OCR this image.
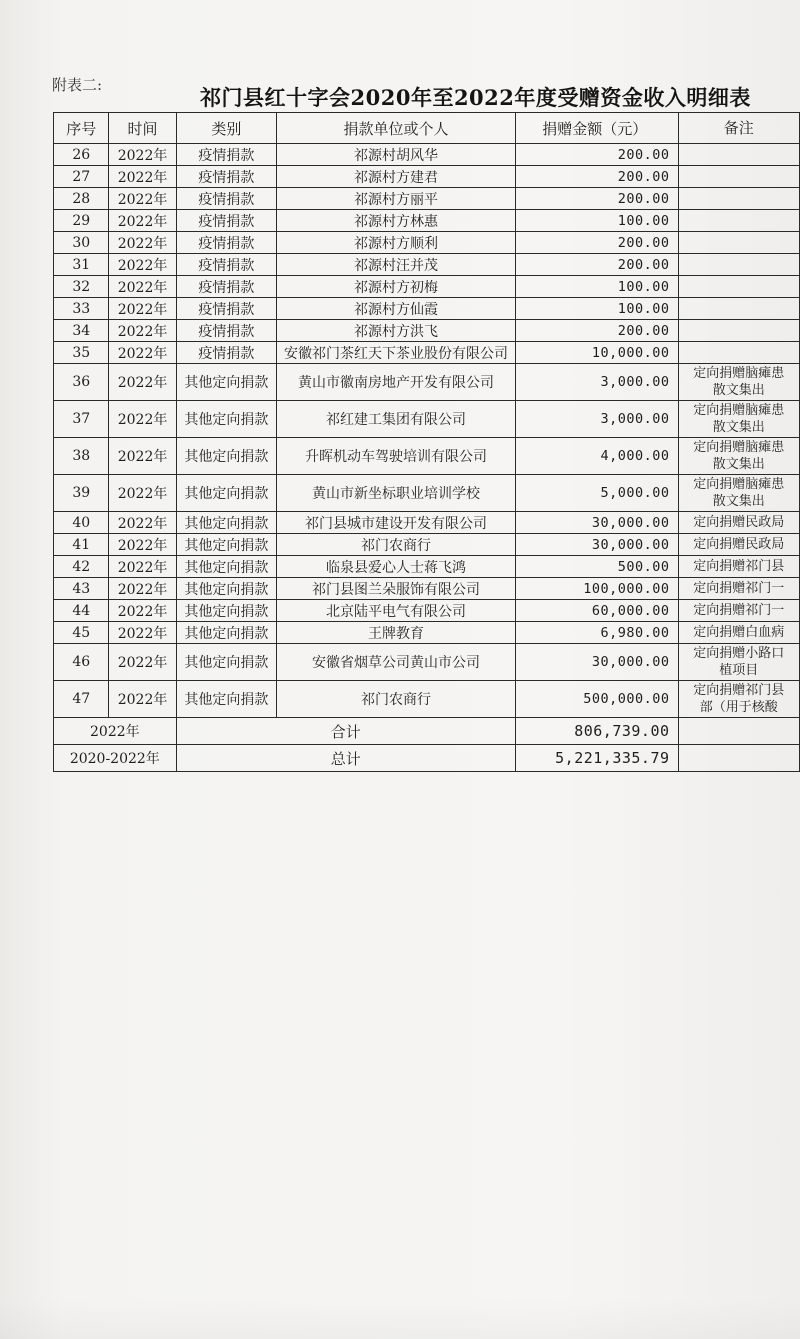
附表二:	祁门县红十字会2020年至2022年度受赠资金收入明细表
序号	时间	类别	捐款单位或个人	捐赠金额（元）	备注
26	2022年	疫情捐款	祁源村胡风华	200.00	
27	2022年	疫情捐款	祁源村方建君	200.00	
28	2022年	疫情捐款	祁源村方丽平	200.00	
29	2022年	疫情捐款	祁源村方林惠	100.00	
30	2022年	疫情捐款	祁源村方顺利	200.00	
31	2022年	疫情捐款	祁源村汪并茂	200.00	
32	2022年	疫情捐款	祁源村方初梅	100.00	
33	2022年	疫情捐款	祁源村方仙霞	100.00	
34	2022年	疫情捐款	祁源村方洪飞	200.00	
35	2022年	疫情捐款	安徽祁门茶红天下茶业股份有限公司	10,000.00	
36	2022年	其他定向捐款	黄山市徽南房地产开发有限公司	3,000.00	定向捐赠脑瘫患
散文集出

37	2022年	其他定向捐款	祁红建工集团有限公司	3,000.00	定向捐赠脑瘫患
散文集出

38	2022年	其他定向捐款	升晖机动车驾驶培训有限公司	4,000.00	定向捐赠脑瘫患
散文集出

39	2022年	其他定向捐款	黄山市新坐标职业培训学校	5,000.00	定向捐赠脑瘫患
散文集出

40	2022年	其他定向捐款	祁门县城市建设开发有限公司	30,000.00	定向捐赠民政局

41	2022年	其他定向捐款	祁门农商行	30,000.00	定向捐赠民政局

42	2022年	其他定向捐款	临泉县爱心人士蒋飞鸿	500.00	定向捐赠祁门县

43	2022年	其他定向捐款	祁门县图兰朵服饰有限公司	100,000.00	定向捐赠祁门一

44	2022年	其他定向捐款	北京陆平电气有限公司	60,000.00	定向捐赠祁门一

45	2022年	其他定向捐款	王牌教育	6,980.00	定向捐赠白血病

46	2022年	其他定向捐款	安徽省烟草公司黄山市公司	30,000.00	定向捐赠小路口
植项目

47	2022年	其他定向捐款	祁门农商行	500,000.00	定向捐赠祁门县
部（用于核酸

2022年		合计		806,739.00	
2020-2022年		总计		5,221,335.79	
